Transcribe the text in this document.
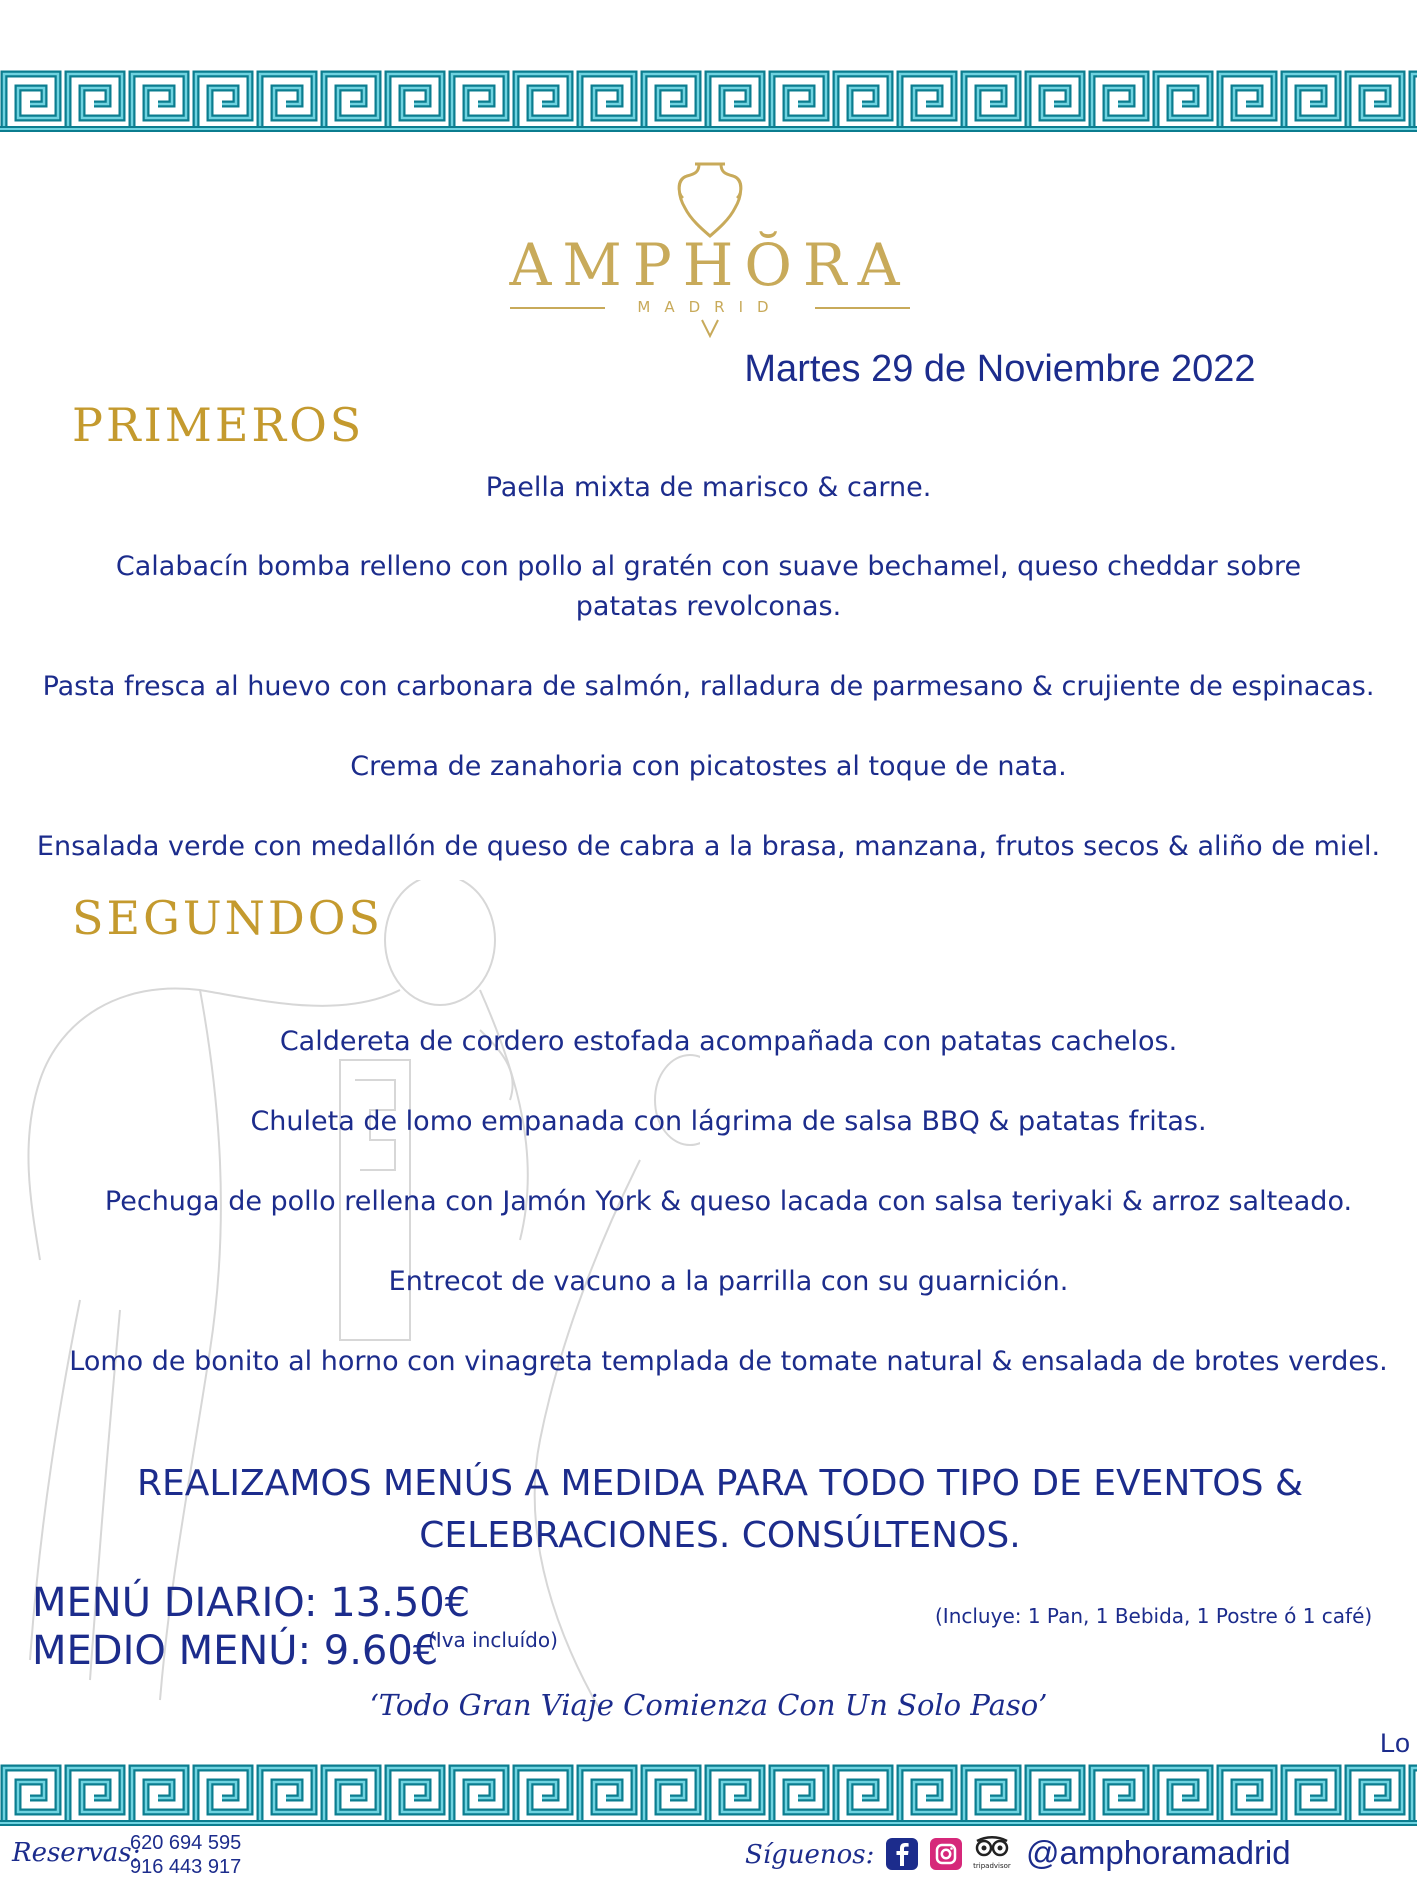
AMPHŎRA
MADRID
Martes 29 de Noviembre 2022
PRIMEROS
Paella mixta de marisco & carne.
Calabacín bomba relleno con pollo al gratén con suave bechamel, queso cheddar sobre
patatas revolconas.
Pasta fresca al huevo con carbonara de salmón, ralladura de parmesano & crujiente de espinacas.
Crema de zanahoria con picatostes al toque de nata.
Ensalada verde con medallón de queso de cabra a la brasa, manzana, frutos secos & aliño de miel.
SEGUNDOS
Caldereta de cordero estofada acompañada con patatas cachelos.
Chuleta de lomo empanada con lágrima de salsa BBQ & patatas fritas.
Pechuga de pollo rellena con Jamón York & queso lacada con salsa teriyaki & arroz salteado.
Entrecot de vacuno a la parrilla con su guarnición.
Lomo de bonito al horno con vinagreta templada de tomate natural & ensalada de brotes verdes.
REALIZAMOS MENÚS A MEDIDA PARA TODO TIPO DE EVENTOS &
CELEBRACIONES. CONSÚLTENOS.
MENÚ DIARIO: 13.50€
MEDIO MENÚ: 9.60€
(Iva incluído)
(Incluye: 1 Pan, 1 Bebida, 1 Postre ó 1 café)
‘Todo Gran Viaje Comienza Con Un Solo Paso’
Lo
Reservas:
620 694 595
916 443 917	Síguenos:	tripadvisor @amphoramadrid
